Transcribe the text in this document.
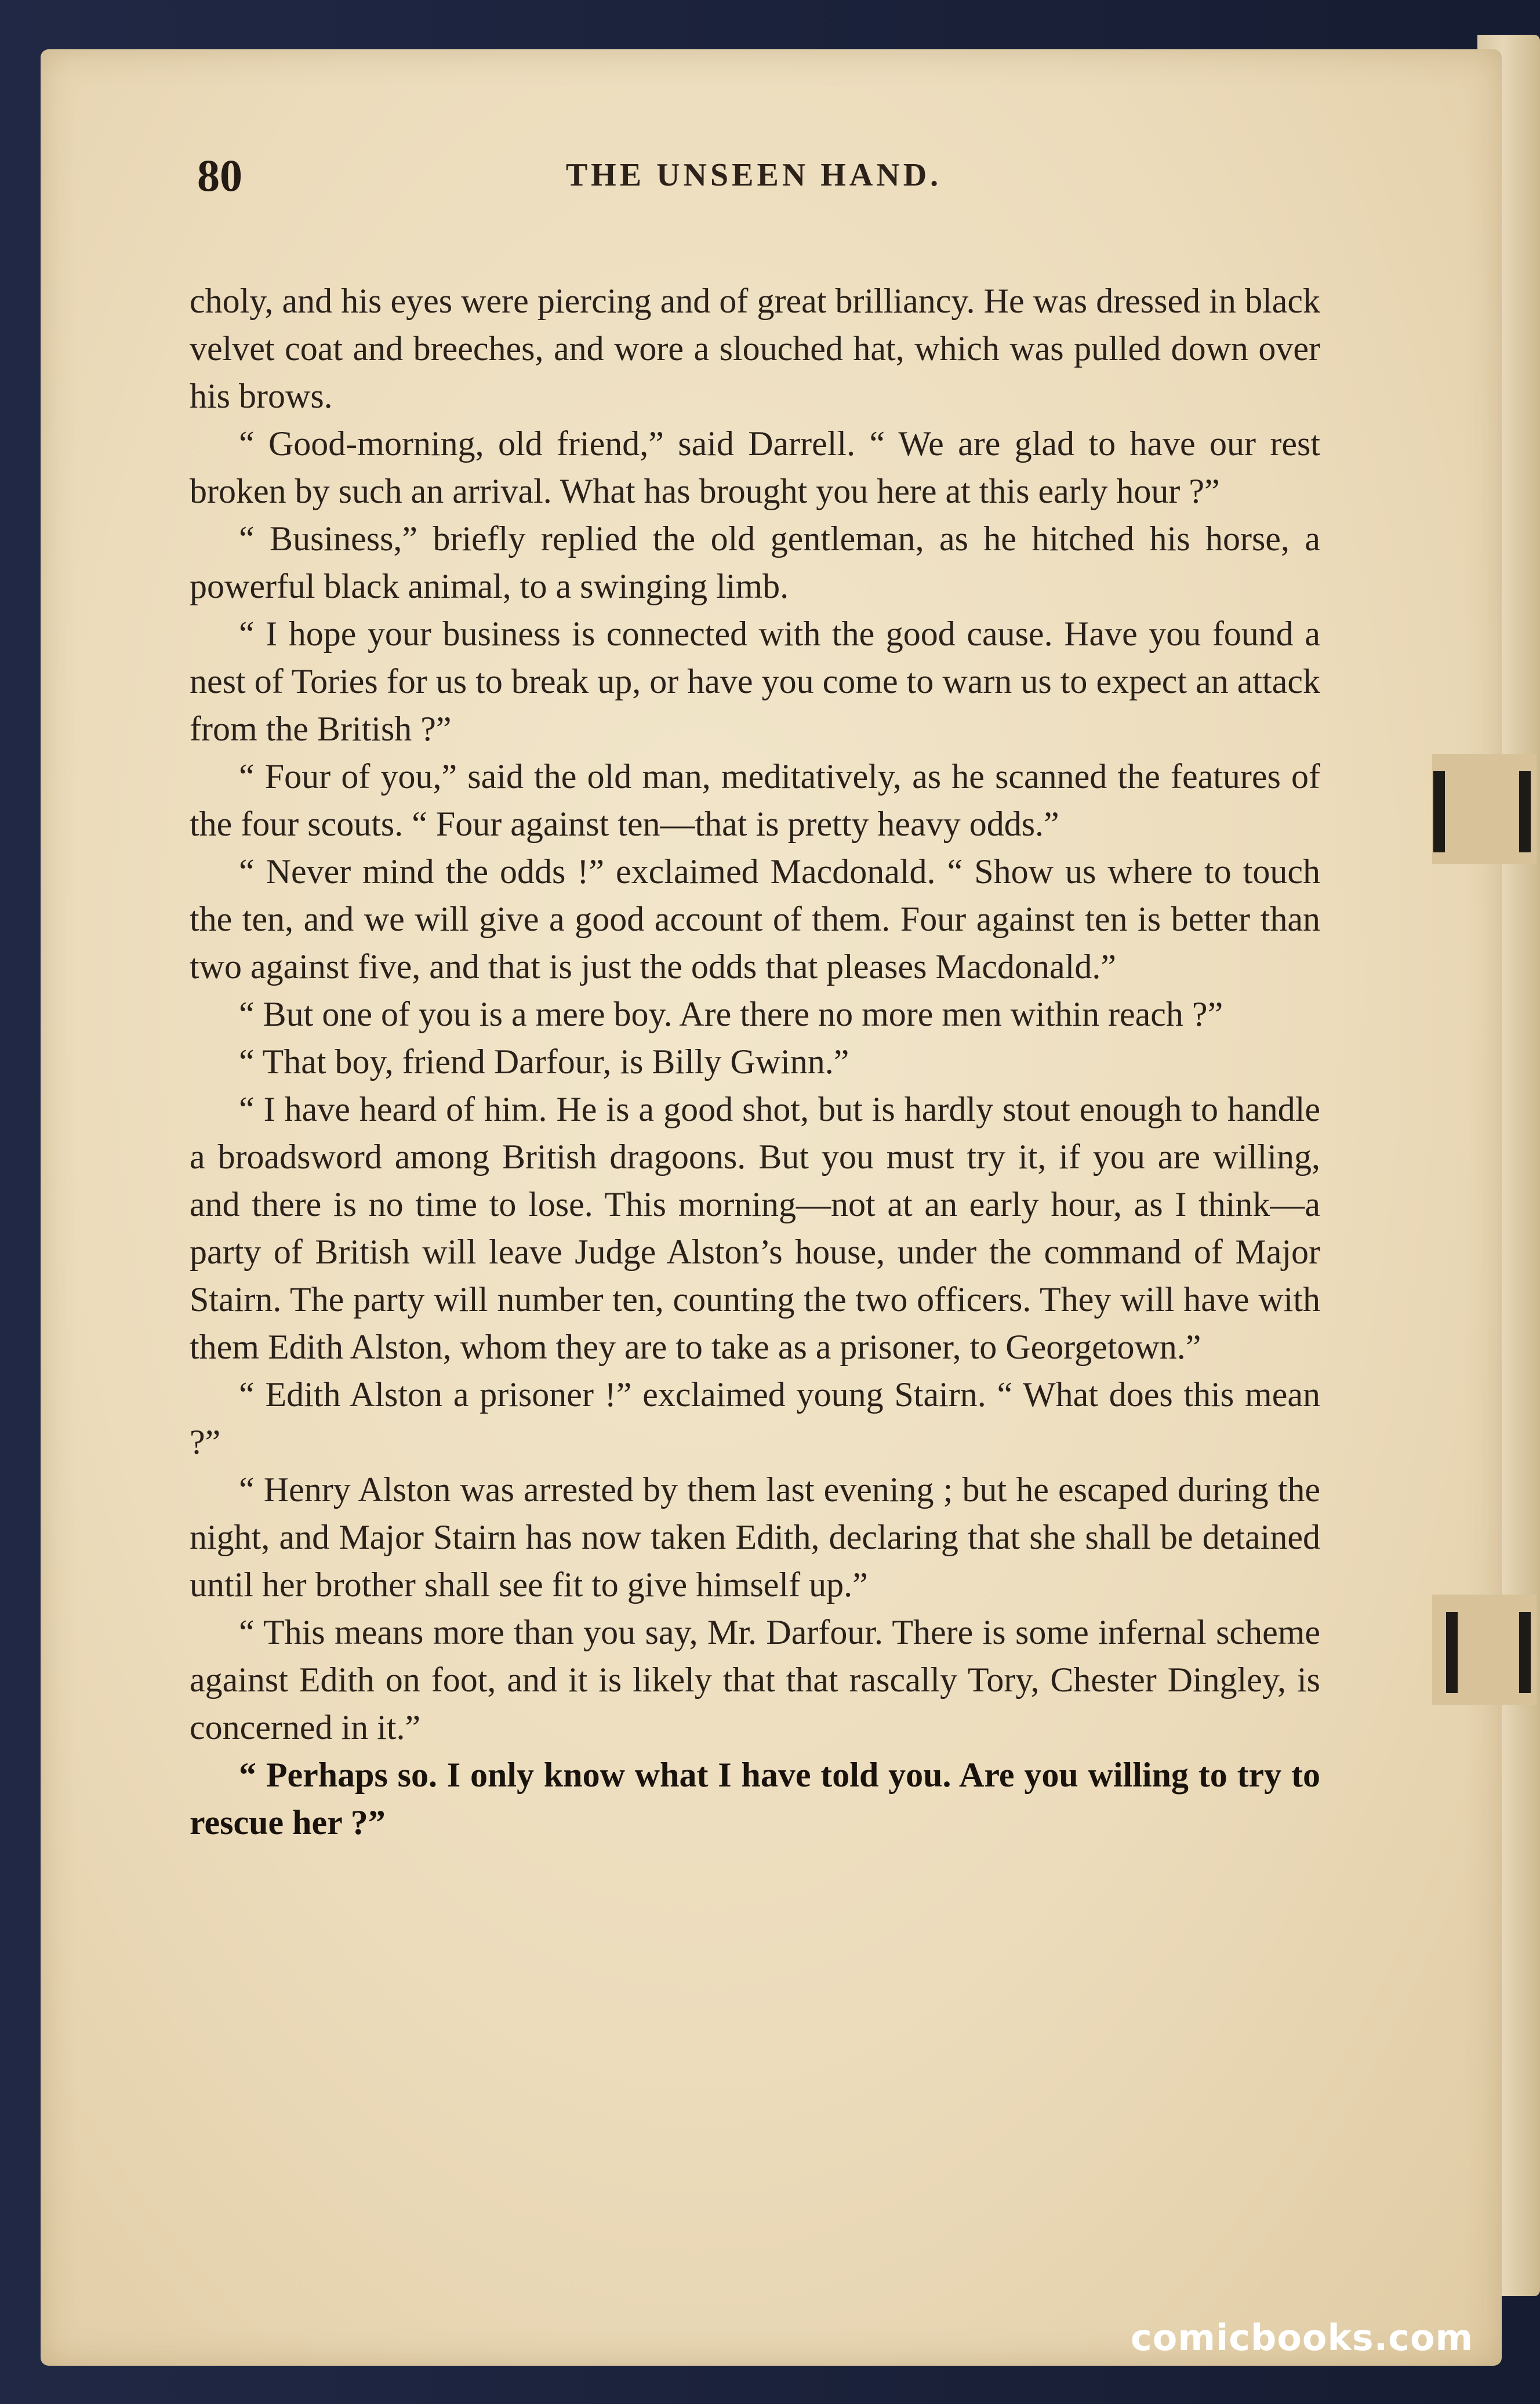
80	THE UNSEEN HAND.

choly, and his eyes were piercing and of great brilliancy. He was dressed in black velvet coat and breeches, and wore a slouched hat, which was pulled down over his brows.

“ Good-morning, old friend,” said Darrell. “ We are glad to have our rest broken by such an arrival. What has brought you here at this early hour ?”

“ Business,” briefly replied the old gentleman, as he hitched his horse, a powerful black animal, to a swinging limb.

“ I hope your business is connected with the good cause. Have you found a nest of Tories for us to break up, or have you come to warn us to expect an attack from the British ?”

“ Four of you,” said the old man, meditatively, as he scanned the features of the four scouts. “ Four against ten—that is pretty heavy odds.”

“ Never mind the odds !” exclaimed Macdonald. “ Show us where to touch the ten, and we will give a good account of them. Four against ten is better than two against five, and that is just the odds that pleases Macdonald.”

“ But one of you is a mere boy. Are there no more men within reach ?”

“ That boy, friend Darfour, is Billy Gwinn.”

“ I have heard of him. He is a good shot, but is hardly stout enough to handle a broadsword among British dragoons. But you must try it, if you are willing, and there is no time to lose. This morning—not at an early hour, as I think—a party of British will leave Judge Alston’s house, under the command of Major Stairn. The party will number ten, counting the two officers. They will have with them Edith Alston, whom they are to take as a prisoner, to Georgetown.”

“ Edith Alston a prisoner !” exclaimed young Stairn. “ What does this mean ?”

“ Henry Alston was arrested by them last evening ; but he escaped during the night, and Major Stairn has now taken Edith, declaring that she shall be detained until her brother shall see fit to give himself up.”

“ This means more than you say, Mr. Darfour. There is some infernal scheme against Edith on foot, and it is likely that that rascally Tory, Chester Dingley, is concerned in it.”

“ Perhaps so. I only know what I have told you. Are you willing to try to rescue her ?”

comicbooks.com
